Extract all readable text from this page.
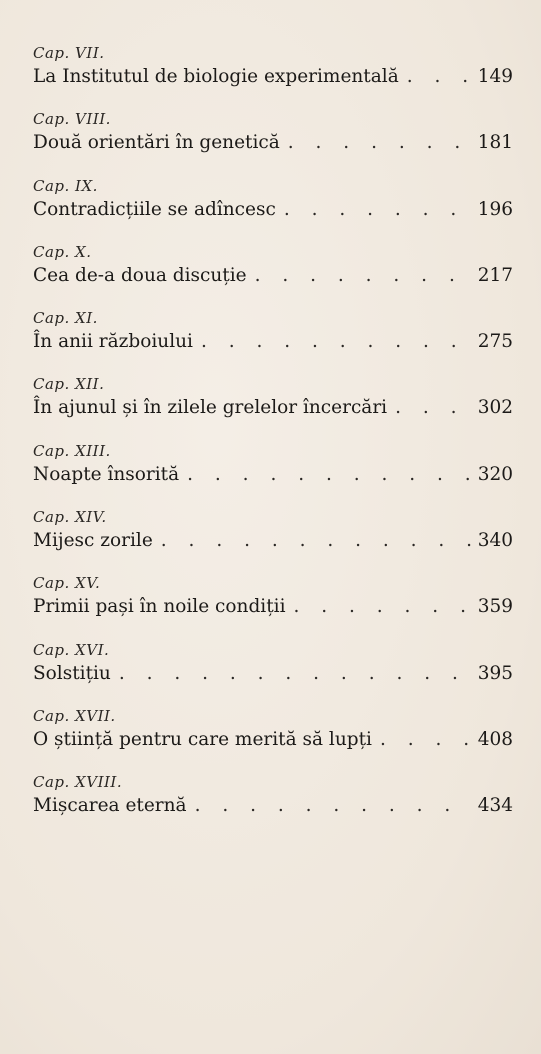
Cap. VII.
La Institutul de biologie experimentală . . .	149
Cap. VIII.
Două orientări în genetică . . .	181
Cap. IX.
Contradicțiile se adîncesc . . .	196
Cap. X.
Cea de-a doua discuție . . .	217
Cap. XI.
În anii războiului . . .	275
Cap. XII.
În ajunul și în zilele grelelor încercări . . .	302
Cap. XIII.
Noapte însorită . . .	320
Cap. XIV.
Mijesc zorile . . .	340
Cap. XV.
Primii pași în noile condiții . . .	359
Cap. XVI.
Solstițiu . . .	395
Cap. XVII.
O știință pentru care merită să lupți . . .	408
Cap. XVIII.
Mișcarea eternă . . .	434
